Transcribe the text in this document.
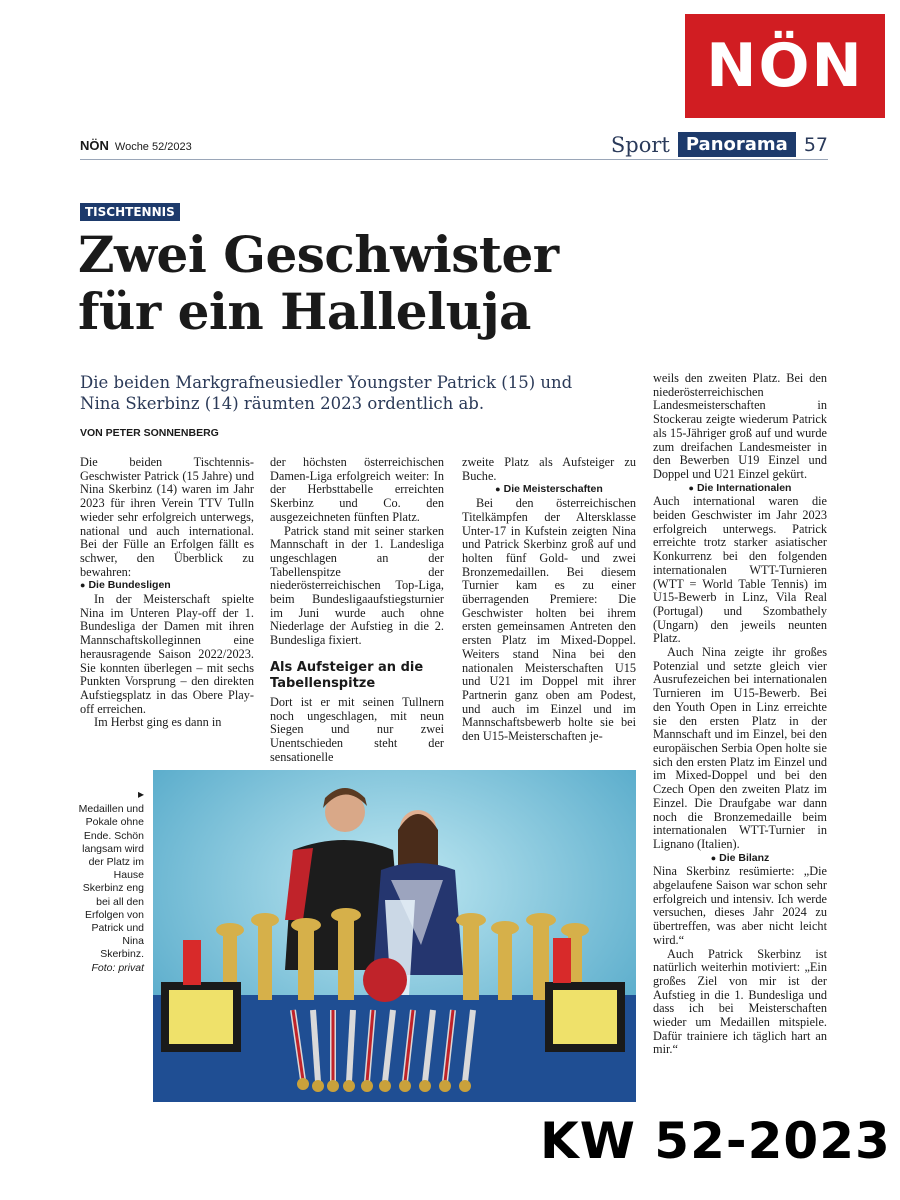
NÖN
NÖN Woche 52/2023	Sport Panorama 57
TISCHTENNIS
Zwei Geschwister
für ein Halleluja

Die beiden Markgrafneusiedler Youngster Patrick (15) und Nina Skerbinz (14) räumten 2023 ordentlich ab.

VON PETER SONNENBERG

Die beiden Tischtennis-Geschwister Patrick (15 Jahre) und Nina Skerbinz (14) waren im Jahr 2023 für ihren Verein TTV Tulln wieder sehr erfolgreich unterwegs, national und auch international. Bei der Fülle an Erfolgen fällt es schwer, den Überblick zu bewahren:

● Die Bundesligen

In der Meisterschaft spielte Nina im Unteren Play-off der 1. Bundesliga der Damen mit ihren Mannschaftskolleginnen eine herausragende Saison 2022/2023. Sie konnten überlegen – mit sechs Punkten Vorsprung – den direkten Aufstiegsplatz in das Obere Play-off erreichen.

Im Herbst ging es dann in

der höchsten österreichischen Damen-Liga erfolgreich weiter: In der Herbsttabelle erreichten Skerbinz und Co. den ausgezeichneten fünften Platz.

Patrick stand mit seiner starken Mannschaft in der 1. Landesliga ungeschlagen an der Tabellenspitze der niederösterreichischen Top-Liga, beim Bundesligaaufstiegsturnier im Juni wurde auch ohne Niederlage der Aufstieg in die 2. Bundesliga fixiert.

Als Aufsteiger an die Tabellenspitze

Dort ist er mit seinen Tullnern noch ungeschlagen, mit neun Siegen und nur zwei Unentschieden steht der sensationelle

zweite Platz als Aufsteiger zu Buche.

● Die Meisterschaften

Bei den österreichischen Titelkämpfen der Altersklasse Unter-17 in Kufstein zeigten Nina und Patrick Skerbinz groß auf und holten fünf Gold- und zwei Bronzemedaillen. Bei diesem Turnier kam es zu einer überragenden Premiere: Die Geschwister holten bei ihrem ersten gemeinsamen Antreten den ersten Platz im Mixed-Doppel. Weiters stand Nina bei den nationalen Meisterschaften U15 und U21 im Doppel mit ihrer Partnerin ganz oben am Podest, und auch im Einzel und im Mannschaftsbewerb holte sie bei den U15-Meisterschaften je-

weils den zweiten Platz. Bei den niederösterreichischen Landesmeisterschaften in Stockerau zeigte wiederum Patrick als 15-Jähriger groß auf und wurde zum dreifachen Landesmeister in den Bewerben U19 Einzel und Doppel und U21 Einzel gekürt.

● Die Internationalen

Auch international waren die beiden Geschwister im Jahr 2023 erfolgreich unterwegs. Patrick erreichte trotz starker asiatischer Konkurrenz bei den folgenden internationalen WTT-Turnieren (WTT = World Table Tennis) im U15-Bewerb in Linz, Vila Real (Portugal) und Szombathely (Ungarn) den jeweils neunten Platz.

Auch Nina zeigte ihr großes Potenzial und setzte gleich vier Ausrufezeichen bei internationalen Turnieren im U15-Bewerb. Bei den Youth Open in Linz erreichte sie den ersten Platz in der Mannschaft und im Einzel, bei den europäischen Serbia Open holte sie sich den ersten Platz im Einzel und im Mixed-Doppel und bei den Czech Open den zweiten Platz im Einzel. Die Draufgabe war dann noch die Bronzemedaille beim internationalen WTT-Turnier in Lignano (Italien).

● Die Bilanz

Nina Skerbinz resümierte: „Die abgelaufene Saison war schon sehr erfolgreich und intensiv. Ich werde versuchen, dieses Jahr 2024 zu übertreffen, was aber nicht leicht wird.“

Auch Patrick Skerbinz ist natürlich weiterhin motiviert: „Ein großes Ziel von mir ist der Aufstieg in die 1. Bundesliga und dass ich bei Meisterschaften wieder um Medaillen mitspiele. Dafür trainiere ich täglich hart an mir.“

▸
Medaillen und Pokale ohne Ende. Schön langsam wird der Platz im Hause Skerbinz eng bei all den Erfolgen von Patrick und Nina Skerbinz. Foto: privat
KW 52-2023
